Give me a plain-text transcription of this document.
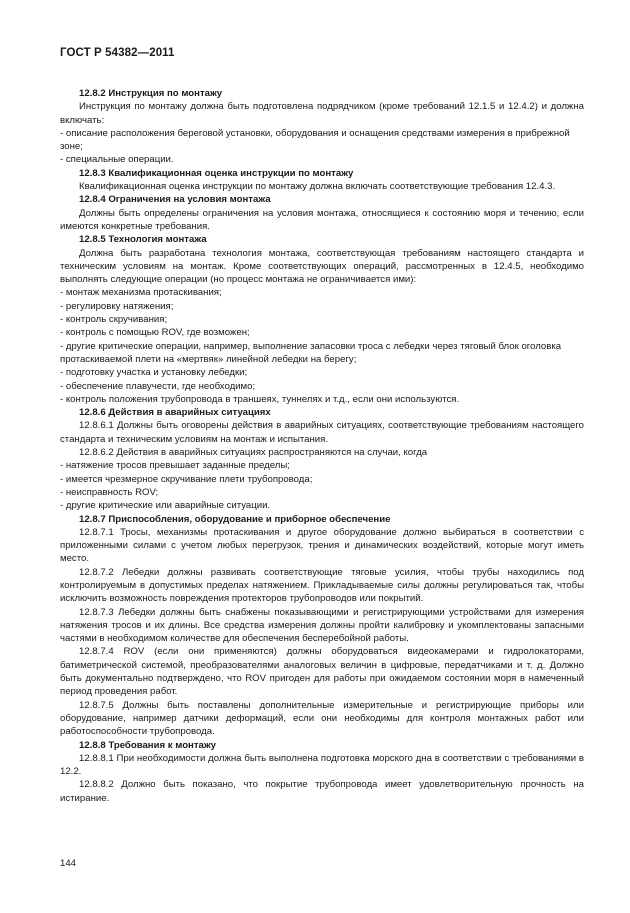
ГОСТ Р 54382—2011

12.8.2 Инструкция по монтажу

Инструкция по монтажу должна быть подготовлена подрядчиком (кроме требований 12.1.5 и 12.4.2) и должна включать:

- описание расположения береговой установки, оборудования и оснащения средствами измерения в прибрежной зоне;

- специальные операции.

12.8.3 Квалификационная оценка инструкции по монтажу

Квалификационная оценка инструкции по монтажу должна включать соответствующие требования 12.4.3.

12.8.4 Ограничения на условия монтажа

Должны быть определены ограничения на условия монтажа, относящиеся к состоянию моря и течению, если имеются конкретные требования.

12.8.5 Технология монтажа

Должна быть разработана технология монтажа, соответствующая требованиям настоящего стандарта и техническим условиям на монтаж. Кроме соответствующих операций, рассмотренных в 12.4.5, необходимо выполнять следующие операции (но процесс монтажа не ограничивается ими):

- монтаж механизма протаскивания;

- регулировку натяжения;

- контроль скручивания;

- контроль с помощью ROV, где возможен;

- другие критические операции, например, выполнение запасовки троса с лебедки через тяговый блок оголовка протаскиваемой плети на «мертвяк» линейной лебедки на берегу;

- подготовку участка и установку лебедки;

- обеспечение плавучести, где необходимо;

- контроль положения трубопровода в траншеях, туннелях и т.д., если они используются.

12.8.6 Действия в аварийных ситуациях

12.8.6.1 Должны быть оговорены действия в аварийных ситуациях, соответствующие требованиям настоящего стандарта и техническим условиям на монтаж и испытания.

12.8.6.2 Действия в аварийных ситуациях распространяются на случаи, когда

- натяжение тросов превышает заданные пределы;

- имеется чрезмерное скручивание плети трубопровода;

- неисправность ROV;

- другие критические или аварийные ситуации.

12.8.7 Приспособления, оборудование и приборное обеспечение

12.8.7.1 Тросы, механизмы протаскивания и другое оборудование должно выбираться в соответствии с приложенными силами с учетом любых перегрузок, трения и динамических воздействий, которые могут иметь место.

12.8.7.2 Лебедки должны развивать соответствующие тяговые усилия, чтобы трубы находились под контролируемым в допустимых пределах натяжением. Прикладываемые силы должны регулироваться так, чтобы исключить возможность повреждения протекторов трубопроводов или покрытий.

12.8.7.3 Лебедки должны быть снабжены показывающими и регистрирующими устройствами для измерения натяжения тросов и их длины. Все средства измерения должны пройти калибровку и укомплектованы запасными частями в необходимом количестве для обеспечения бесперебойной работы.

12.8.7.4 ROV (если они применяются) должны оборудоваться видеокамерами и гидролокаторами, батиметрической системой, преобразователями аналоговых величин в цифровые, передатчиками и т. д. Должно быть документально подтверждено, что ROV пригоден для работы при ожидаемом состоянии моря в намеченный период проведения работ.

12.8.7.5 Должны быть поставлены дополнительные измерительные и регистрирующие приборы или оборудование, например датчики деформаций, если они необходимы для контроля монтажных работ или работоспособности трубопровода.

12.8.8 Требования к монтажу

12.8.8.1 При необходимости должна быть выполнена подготовка морского дна в соответствии с требованиями в 12.2.

12.8.8.2 Должно быть показано, что покрытие трубопровода имеет удовлетворительную прочность на истирание.

144
